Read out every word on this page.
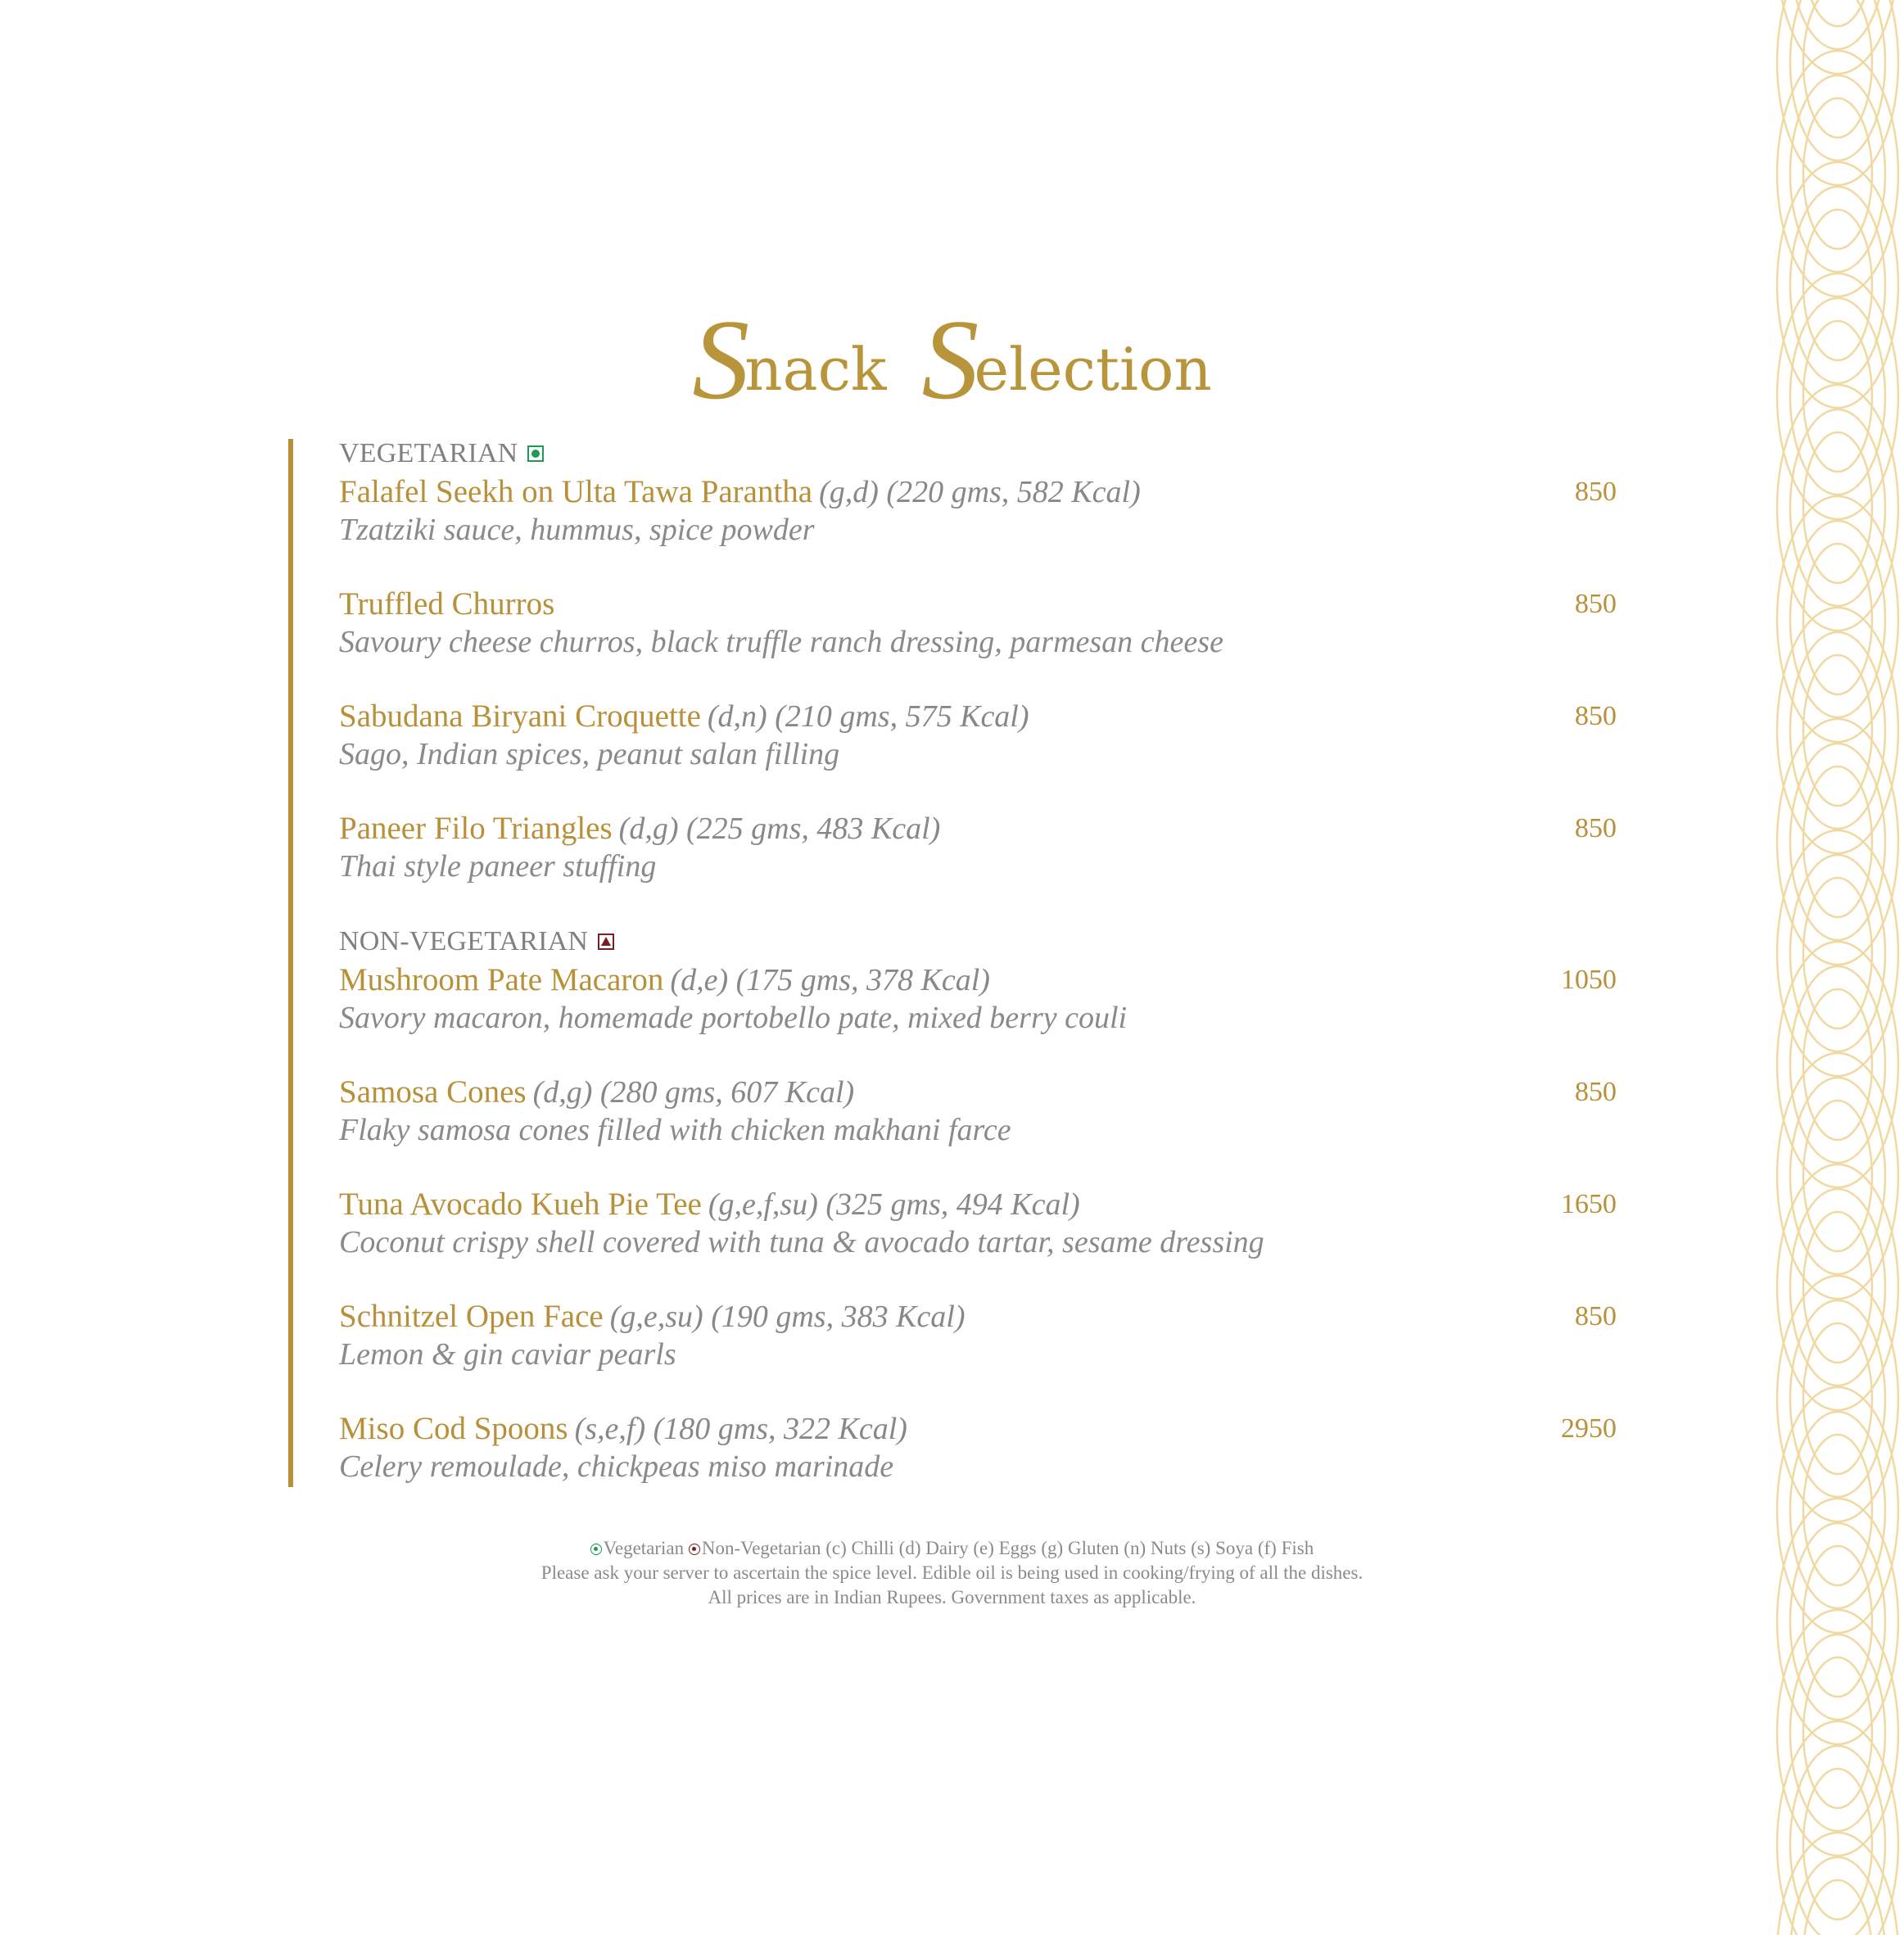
Snack Selection
VEGETARIAN
Falafel Seekh on Ulta Tawa Parantha (g,d) (220 gms, 582 Kcal)
Tzatziki sauce, hummus, spice powder
850
Truffled Churros
Savoury cheese churros, black truffle ranch dressing, parmesan cheese
850
Sabudana Biryani Croquette (d,n) (210 gms, 575 Kcal)
Sago, Indian spices, peanut salan filling
850
Paneer Filo Triangles (d,g) (225 gms, 483 Kcal)
Thai style paneer stuffing
850
NON-VEGETARIAN
Mushroom Pate Macaron (d,e) (175 gms, 378 Kcal)
Savory macaron, homemade portobello pate, mixed berry couli
1050
Samosa Cones (d,g) (280 gms, 607 Kcal)
Flaky samosa cones filled with chicken makhani farce
850
Tuna Avocado Kueh Pie Tee (g,e,f,su) (325 gms, 494 Kcal)
Coconut crispy shell covered with tuna & avocado tartar, sesame dressing
1650
Schnitzel Open Face (g,e,su) (190 gms, 383 Kcal)
Lemon & gin caviar pearls
850
Miso Cod Spoons (s,e,f) (180 gms, 322 Kcal)
Celery remoulade, chickpeas miso marinade
2950
Vegetarian Non-Vegetarian (c) Chilli (d) Dairy (e) Eggs (g) Gluten (n) Nuts (s) Soya (f) Fish
Please ask your server to ascertain the spice level. Edible oil is being used in cooking/frying of all the dishes.
All prices are in Indian Rupees. Government taxes as applicable.
